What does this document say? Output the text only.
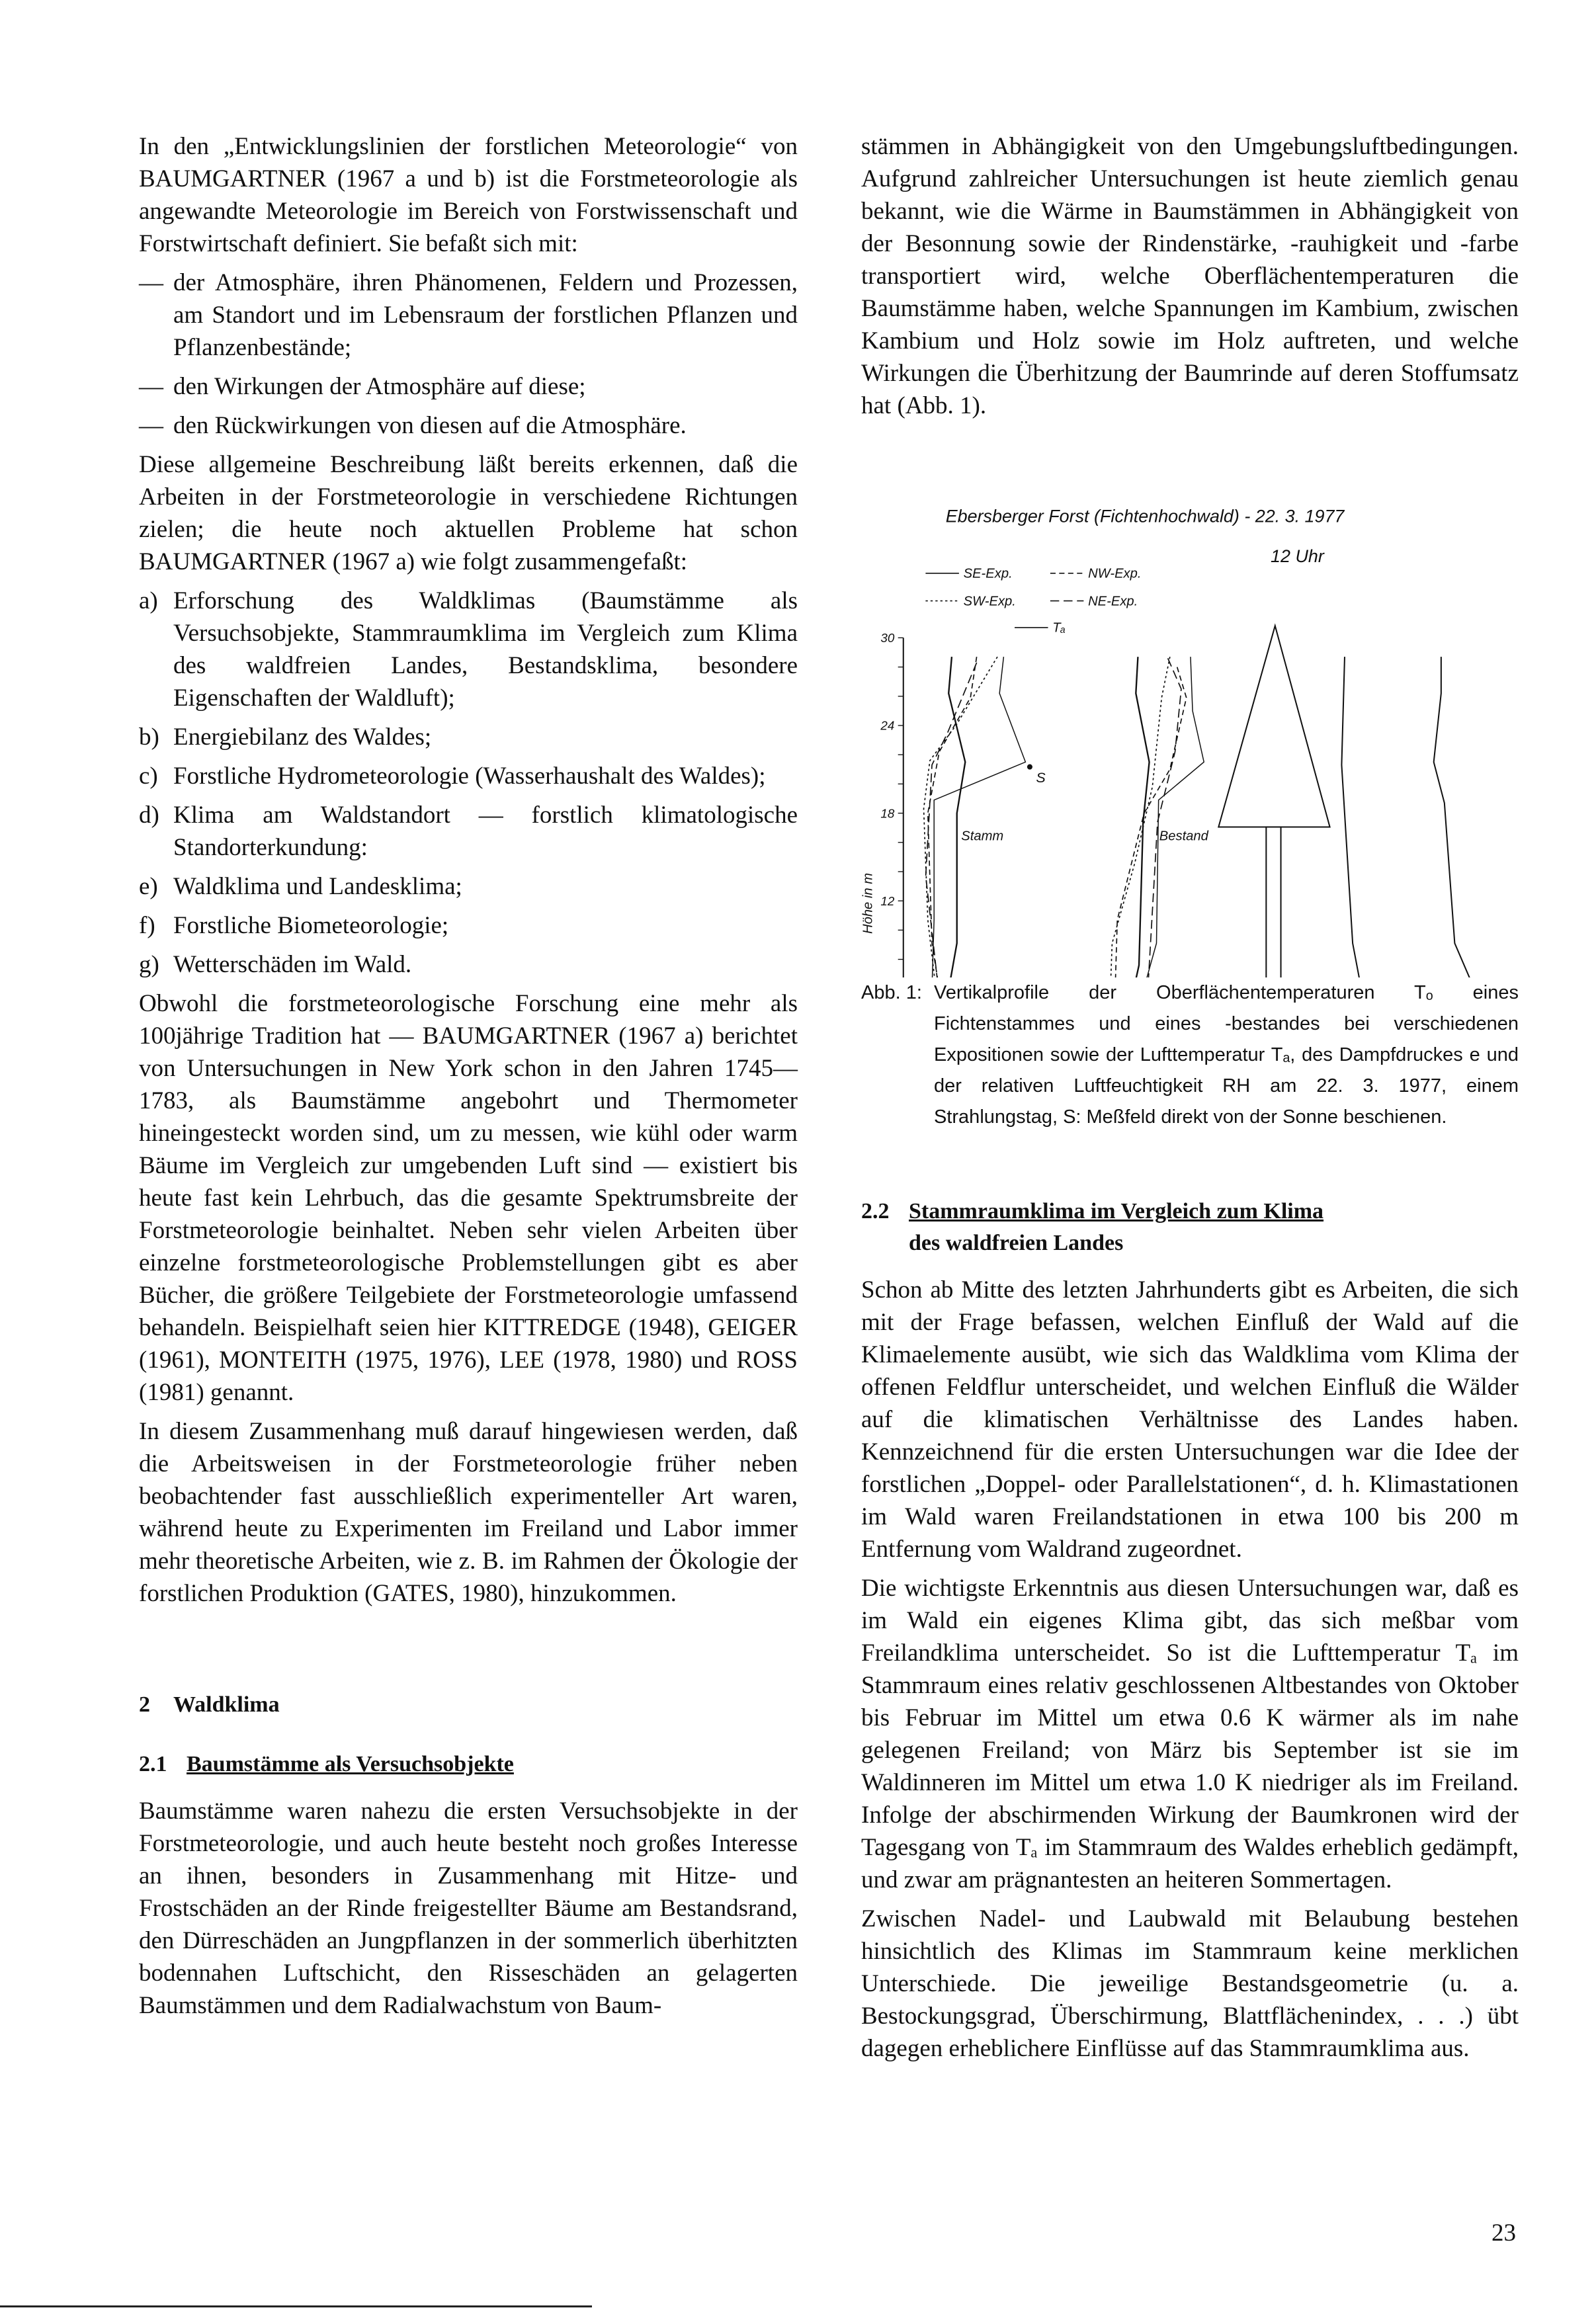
In den „Entwicklungslinien der forstlichen Meteorologie“ von BAUMGARTNER (1967 a und b) ist die Forstmeteorologie als angewandte Meteorologie im Bereich von Forstwissenschaft und Forstwirtschaft definiert. Sie befaßt sich mit:
— der Atmosphäre, ihren Phänomenen, Feldern und Prozessen, am Standort und im Lebensraum der forstlichen Pflanzen und Pflanzenbestände;
— den Wirkungen der Atmosphäre auf diese;
— den Rückwirkungen von diesen auf die Atmosphäre.
Diese allgemeine Beschreibung läßt bereits erkennen, daß die Arbeiten in der Forstmeteorologie in verschiedene Richtungen zielen; die heute noch aktuellen Probleme hat schon BAUMGARTNER (1967 a) wie folgt zusammengefaßt:
a) Erforschung des Waldklimas (Baumstämme als Versuchsobjekte, Stammraumklima im Vergleich zum Klima des waldfreien Landes, Bestandsklima, besondere Eigenschaften der Waldluft);
b) Energiebilanz des Waldes;
c) Forstliche Hydrometeorologie (Wasserhaushalt des Waldes);
d) Klima am Waldstandort — forstlich klimatologische Standorterkundung:
e) Waldklima und Landesklima;
f) Forstliche Biometeorologie;
g) Wetterschäden im Wald.
Obwohl die forstmeteorologische Forschung eine mehr als 100jährige Tradition hat — BAUMGARTNER (1967 a) berichtet von Untersuchungen in New York schon in den Jahren 1745—1783, als Baumstämme angebohrt und Thermometer hineingesteckt worden sind, um zu messen, wie kühl oder warm Bäume im Vergleich zur umgebenden Luft sind — existiert bis heute fast kein Lehrbuch, das die gesamte Spektrumsbreite der Forstmeteorologie beinhaltet. Neben sehr vielen Arbeiten über einzelne forstmeteorologische Problemstellungen gibt es aber Bücher, die größere Teilgebiete der Forstmeteorologie umfassend behandeln. Beispielhaft seien hier KITTREDGE (1948), GEIGER (1961), MONTEITH (1975, 1976), LEE (1978, 1980) und ROSS (1981) genannt.
In diesem Zusammenhang muß darauf hingewiesen werden, daß die Arbeitsweisen in der Forstmeteorologie früher neben beobachtender fast ausschließlich experimenteller Art waren, während heute zu Experimenten im Freiland und Labor immer mehr theoretische Arbeiten, wie z. B. im Rahmen der Ökologie der forstlichen Produktion (GATES, 1980), hinzukommen.
2 Waldklima
2.1 Baumstämme als Versuchsobjekte
Baumstämme waren nahezu die ersten Versuchsobjekte in der Forstmeteorologie, und auch heute besteht noch großes Interesse an ihnen, besonders in Zusammenhang mit Hitze- und Frostschäden an der Rinde freigestellter Bäume am Bestandsrand, den Dürreschäden an Jungpflanzen in der sommerlich überhitzten bodennahen Luftschicht, den Risseschäden an gelagerten Baumstämmen und dem Radialwachstum von Baum-
stämmen in Abhängigkeit von den Umgebungsluftbedingungen. Aufgrund zahlreicher Untersuchungen ist heute ziemlich genau bekannt, wie die Wärme in Baumstämmen in Abhängigkeit von der Besonnung sowie der Rindenstärke, -rauhigkeit und -farbe transportiert wird, welche Oberflächentemperaturen die Baumstämme haben, welche Spannungen im Kambium, zwischen Kambium und Holz sowie im Holz auftreten, und welche Wirkungen die Überhitzung der Baumrinde auf deren Stoffumsatz hat (Abb. 1).
Ebersberger Forst (Fichtenhochwald) - 22. 3. 1977
12 Uhr
SE-Exp.	NW-Exp.
SW-Exp.	NE-Exp.
Tₐ
12
18
24
30
Stamm	Bestand
S
Höhe in m
Abb. 1: Vertikalprofile der Oberflächentemperaturen Tₒ eines Fichtenstammes und eines -bestandes bei verschiedenen Expositionen sowie der Lufttemperatur Tₐ, des Dampfdruckes e und der relativen Luftfeuchtigkeit RH am 22. 3. 1977, einem Strahlungstag, S: Meßfeld direkt von der Sonne beschienen.
2.2 Stammraumklima im Vergleich zum Klima
des waldfreien Landes
Schon ab Mitte des letzten Jahrhunderts gibt es Arbeiten, die sich mit der Frage befassen, welchen Einfluß der Wald auf die Klimaelemente ausübt, wie sich das Waldklima vom Klima der offenen Feldflur unterscheidet, und welchen Einfluß die Wälder auf die klimatischen Verhältnisse des Landes haben. Kennzeichnend für die ersten Untersuchungen war die Idee der forstlichen „Doppel- oder Parallelstationen“, d. h. Klimastationen im Wald waren Freilandstationen in etwa 100 bis 200 m Entfernung vom Waldrand zugeordnet.
Die wichtigste Erkenntnis aus diesen Untersuchungen war, daß es im Wald ein eigenes Klima gibt, das sich meßbar vom Freilandklima unterscheidet. So ist die Lufttemperatur Tₐ im Stammraum eines relativ geschlossenen Altbestandes von Oktober bis Februar im Mittel um etwa 0.6 K wärmer als im nahe gelegenen Freiland; von März bis September ist sie im Waldinneren im Mittel um etwa 1.0 K niedriger als im Freiland. Infolge der abschirmenden Wirkung der Baumkronen wird der Tagesgang von Tₐ im Stammraum des Waldes erheblich gedämpft, und zwar am prägnantesten an heiteren Sommertagen.
Zwischen Nadel- und Laubwald mit Belaubung bestehen hinsichtlich des Klimas im Stammraum keine merklichen Unterschiede. Die jeweilige Bestandsgeometrie (u. a. Bestockungsgrad, Überschirmung, Blattflächenindex, . . .) übt dagegen erheblichere Einflüsse auf das Stammraumklima aus.
23
